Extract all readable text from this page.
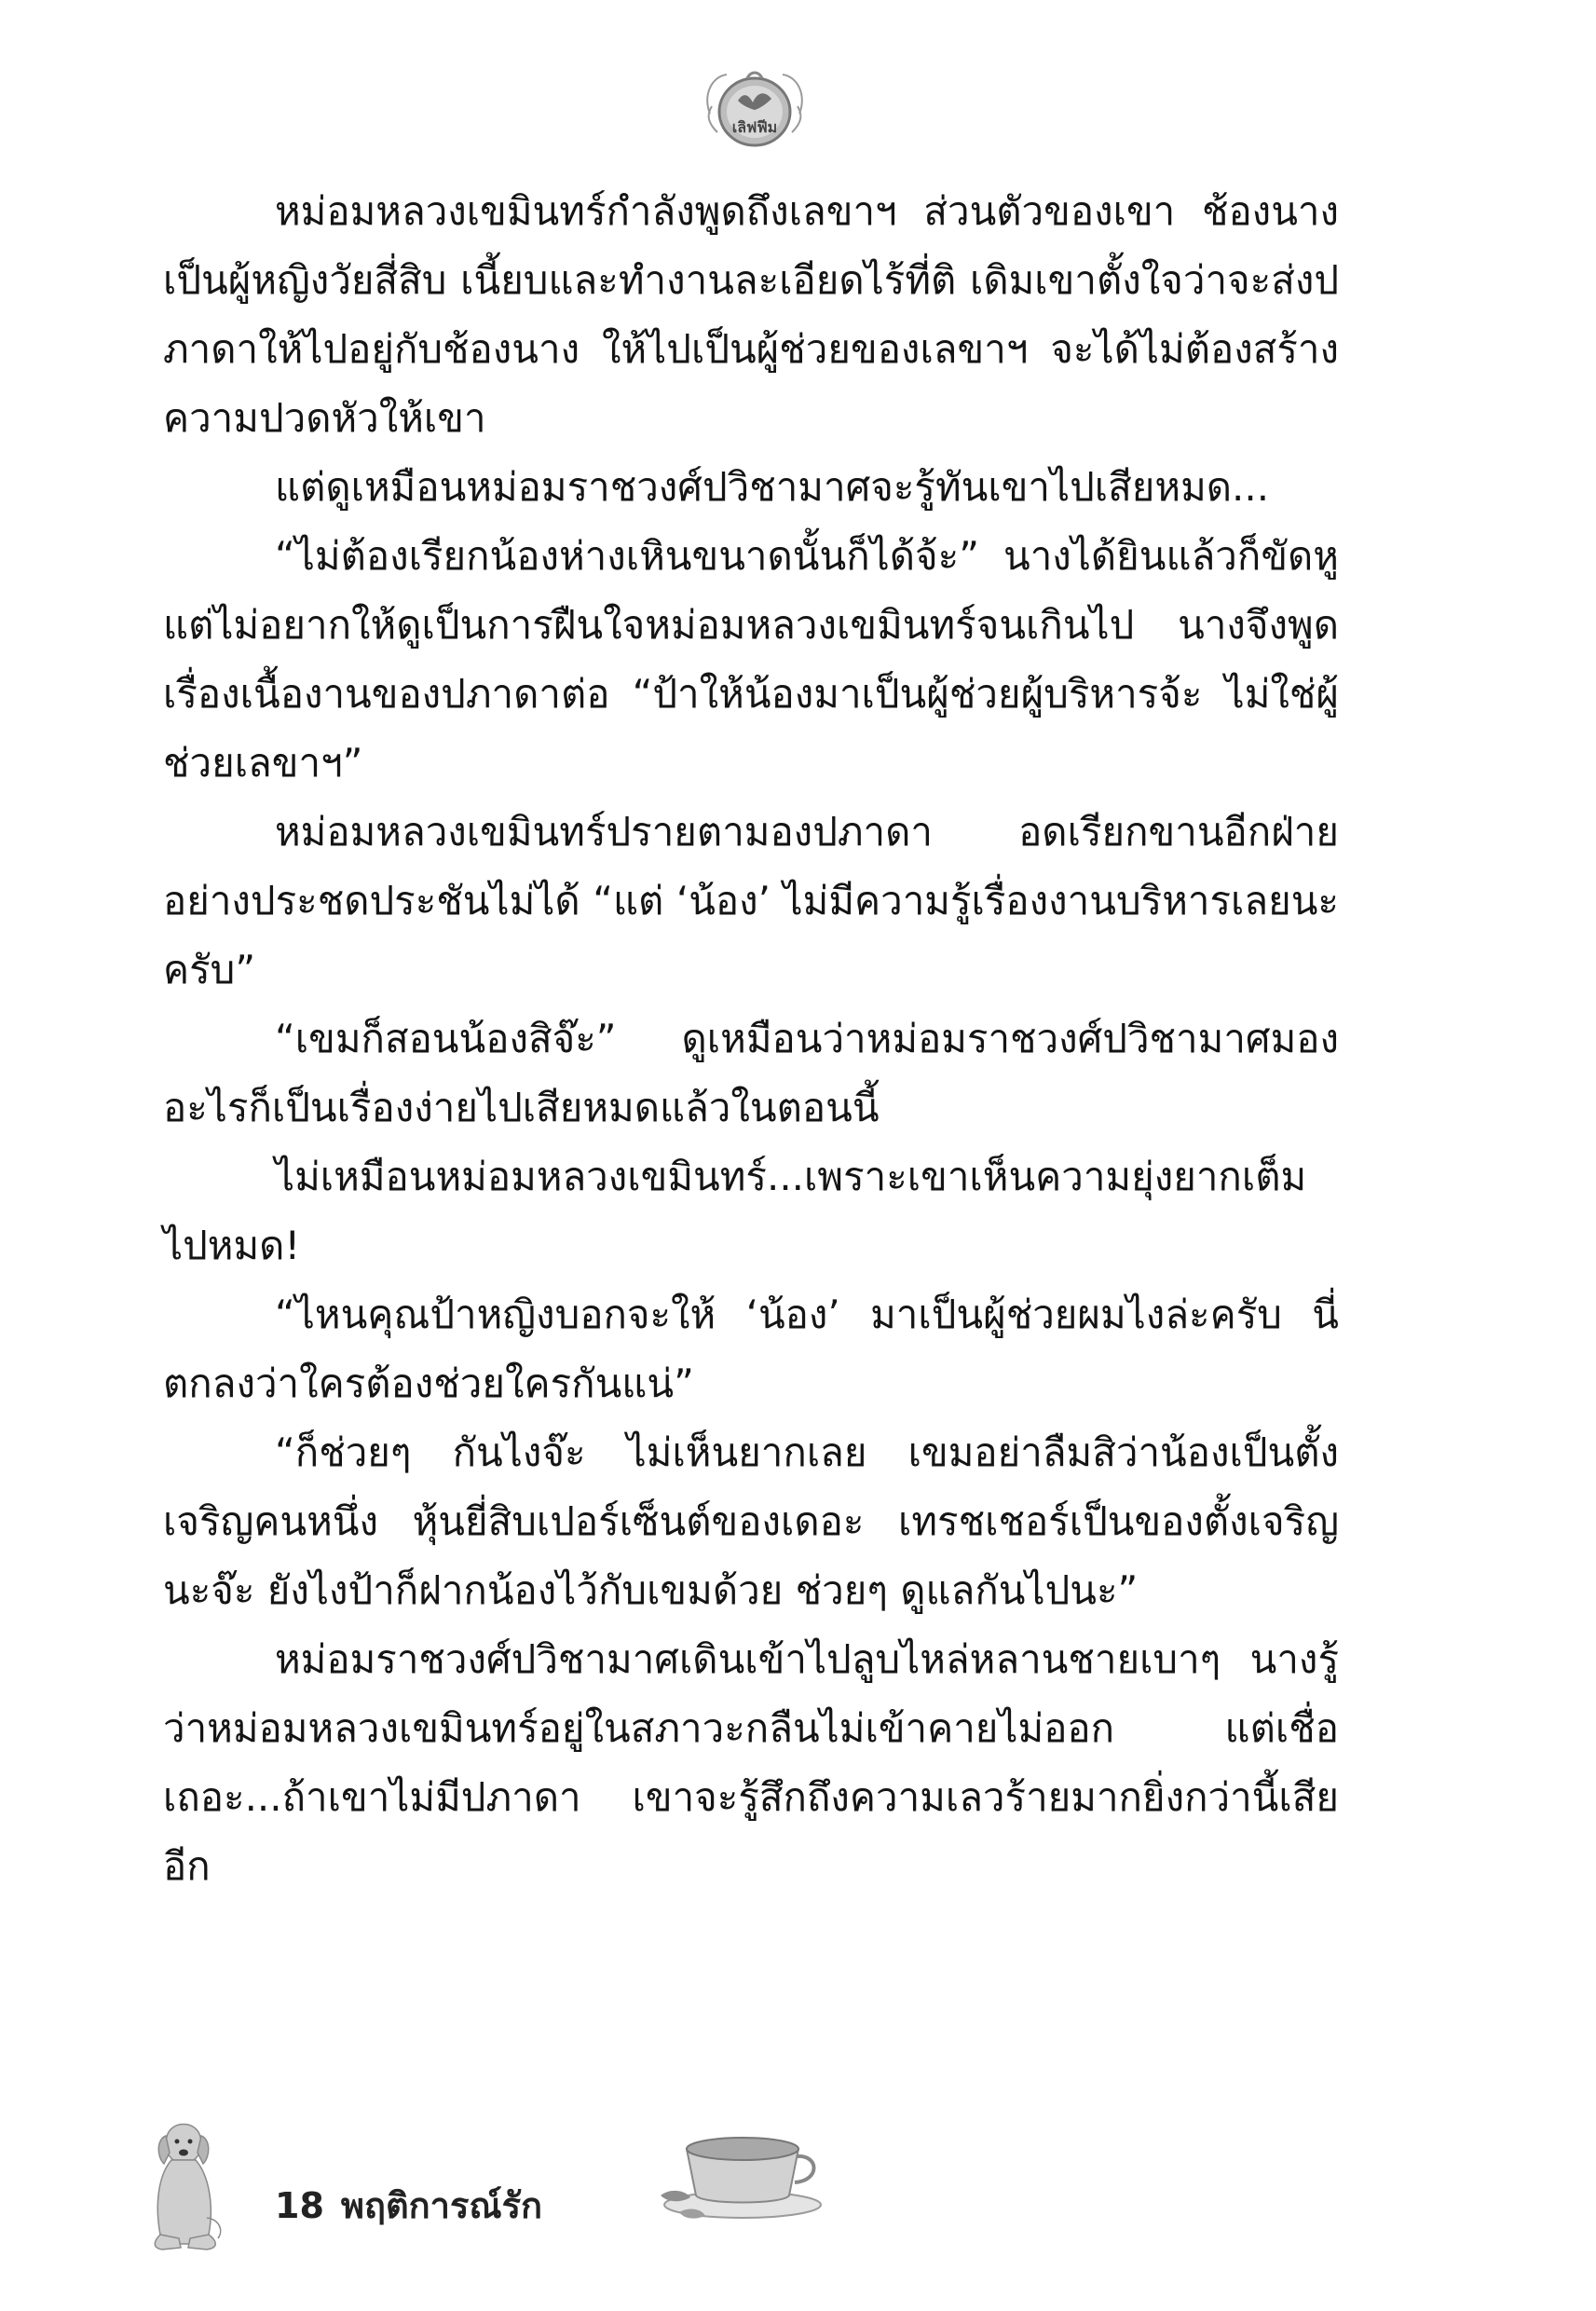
เลิฟฟีม

หม่อมหลวงเขมินทร์กำลังพูดถึงเลขาฯ ส่วนตัวของเขา ช้องนาง เป็นผู้หญิงวัยสี่สิบ เนี้ยบและทำงานละเอียดไร้ที่ติ เดิมเขาตั้งใจว่าจะส่งปภาดาให้ไปอยู่กับช้องนาง ให้ไปเป็นผู้ช่วยของเลขาฯ จะได้ไม่ต้องสร้างความปวดหัวให้เขา

แต่ดูเหมือนหม่อมราชวงศ์ปวิชามาศจะรู้ทันเขาไปเสียหมด...

“ไม่ต้องเรียกน้องห่างเหินขนาดนั้นก็ได้จ้ะ” นางได้ยินแล้วก็ขัดหู แต่ไม่อยากให้ดูเป็นการฝืนใจหม่อมหลวงเขมินทร์จนเกินไป นางจึงพูดเรื่องเนื้องานของปภาดาต่อ “ป้าให้น้องมาเป็นผู้ช่วยผู้บริหารจ้ะ ไม่ใช่ผู้ช่วยเลขาฯ”

หม่อมหลวงเขมินทร์ปรายตามองปภาดา อดเรียกขานอีกฝ่ายอย่างประชดประชันไม่ได้ “แต่ ‘น้อง’ ไม่มีความรู้เรื่องงานบริหารเลยนะครับ”

“เขมก็สอนน้องสิจ๊ะ” ดูเหมือนว่าหม่อมราชวงศ์ปวิชามาศมองอะไรก็เป็นเรื่องง่ายไปเสียหมดแล้วในตอนนี้

ไม่เหมือนหม่อมหลวงเขมินทร์...เพราะเขาเห็นความยุ่งยากเต็มไปหมด!

“ไหนคุณป้าหญิงบอกจะให้ ‘น้อง’ มาเป็นผู้ช่วยผมไงล่ะครับ นี่ตกลงว่าใครต้องช่วยใครกันแน่”

“ก็ช่วยๆ กันไงจ๊ะ ไม่เห็นยากเลย เขมอย่าลืมสิว่าน้องเป็นตั้งเจริญคนหนึ่ง หุ้นยี่สิบเปอร์เซ็นต์ของเดอะ เทรชเชอร์เป็นของตั้งเจริญนะจ๊ะ ยังไงป้าก็ฝากน้องไว้กับเขมด้วย ช่วยๆ ดูแลกันไปนะ”

หม่อมราชวงศ์ปวิชามาศเดินเข้าไปลูบไหล่หลานชายเบาๆ นางรู้ว่าหม่อมหลวงเขมินทร์อยู่ในสภาวะกลืนไม่เข้าคายไม่ออก แต่เชื่อเถอะ...ถ้าเขาไม่มีปภาดา เขาจะรู้สึกถึงความเลวร้ายมากยิ่งกว่านี้เสียอีก

18 พฤติการณ์รัก
